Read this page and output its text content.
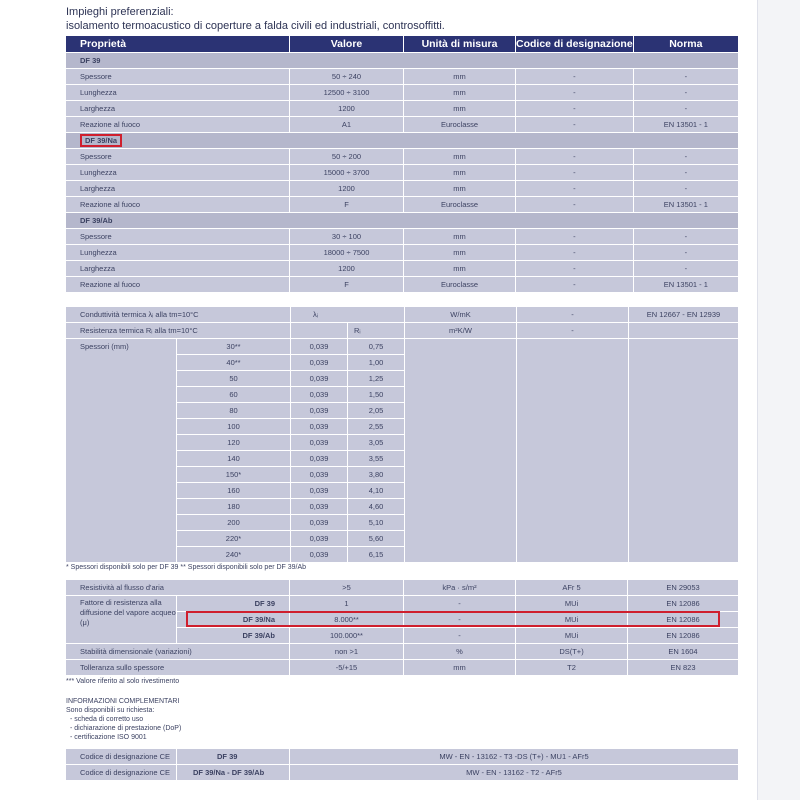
Impieghi preferenziali:
isolamento termoacustico di coperture a falda civili ed industriali, controsoffitti.
Proprietà	Valore	Unità di misura	Codice di designazione	Norma
DF 39				
Spessore	50 ÷ 240	mm	-	-
Lunghezza	12500 ÷ 3100	mm	-	-
Larghezza	1200	mm	-	-
Reazione al fuoco	A1	Euroclasse	-	EN 13501 - 1
DF 39/Na				
Spessore	50 ÷ 200	mm	-	-
Lunghezza	15000 ÷ 3700	mm	-	-
Larghezza	1200	mm	-	-
Reazione al fuoco	F	Euroclasse	-	EN 13501 - 1
DF 39/Ab				
Spessore	30 ÷ 100	mm	-	-
Lunghezza	18000 ÷ 7500	mm	-	-
Larghezza	1200	mm	-	-
Reazione al fuoco	F	Euroclasse	-	EN 13501 - 1
Conduttività termica λᵢ alla tm=10°C		λᵢ		W/mK	-	EN 12667 - EN 12939
Resistenza termica Rᵢ alla tm=10°C			Rᵢ	m²K/W	-	
Spessori (mm)	30**	0,039	0,75			
	40**	0,039	1,00			
	50	0,039	1,25			
	60	0,039	1,50			
	80	0,039	2,05			
	100	0,039	2,55			
	120	0,039	3,05			
	140	0,039	3,55			
	150*	0,039	3,80			
	160	0,039	4,10			
	180	0,039	4,60			
	200	0,039	5,10			
	220*	0,039	5,60			
	240*	0,039	6,15			
* Spessori disponibili solo per DF 39 ** Spessori disponibili solo per DF 39/Ab
Resistività al flusso d'aria		>5	kPa · s/m²	AFr 5	EN 29053
Fattore di resistenza alla diffusione del vapore acqueo (μ)	DF 39	1	-	MUi	EN 12086
	DF 39/Na	8.000**	-	MUi	EN 12086
	DF 39/Ab	100.000**	-	MUi	EN 12086
Stabilità dimensionale (variazioni)		non >1	%	DS(T+)	EN 1604
Tolleranza sullo spessore		-5/+15	mm	T2	EN 823
*** Valore riferito al solo rivestimento
INFORMAZIONI COMPLEMENTARI
Sono disponibili su richiesta:
- scheda di corretto uso
- dichiarazione di prestazione (DoP)
- certificazione ISO 9001
Codice di designazione CE	DF 39	MW - EN - 13162 - T3 -DS (T+) - MU1 - AFr5
Codice di designazione CE	DF 39/Na - DF 39/Ab	MW - EN - 13162 - T2 - AFr5
